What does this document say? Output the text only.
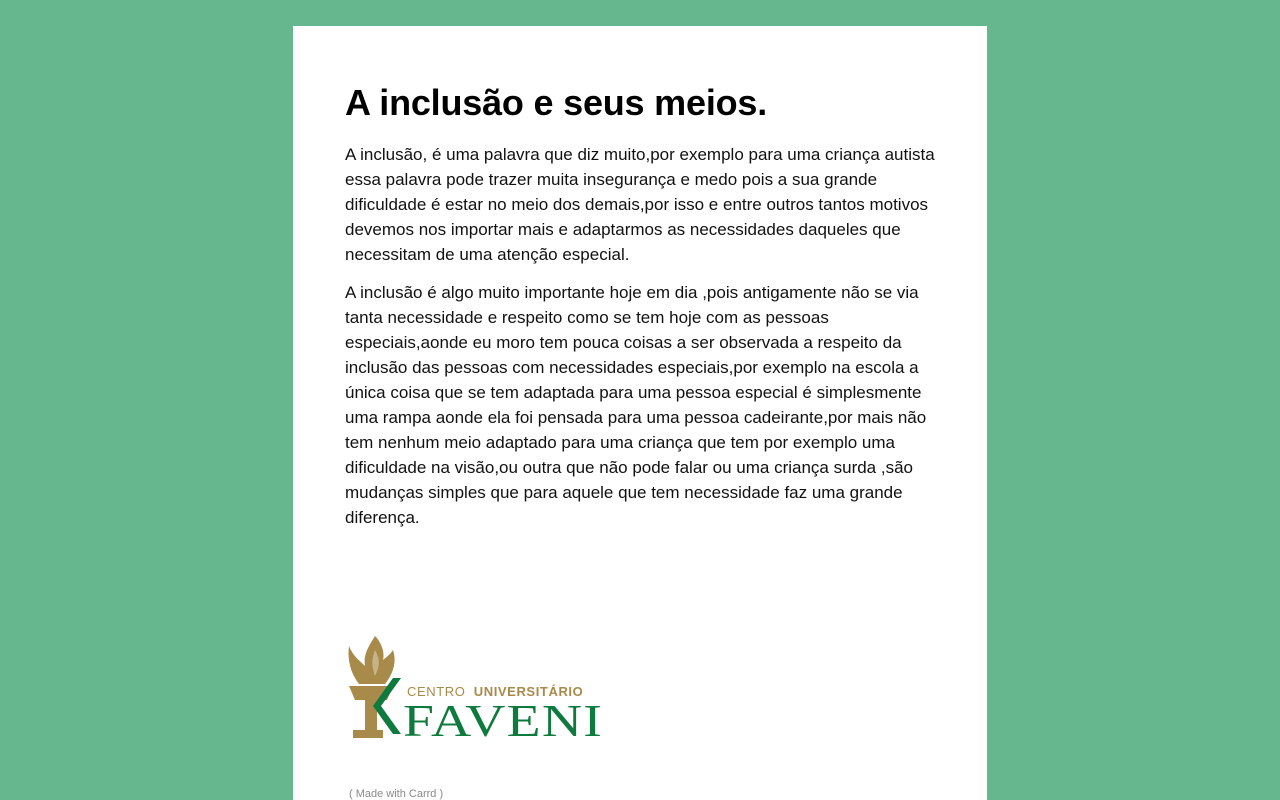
A inclusão e seus meios.

A inclusão, é uma palavra que diz muito,por exemplo para uma criança autista essa palavra pode trazer muita insegurança e medo pois a sua grande dificuldade é estar no meio dos demais,por isso e entre outros tantos motivos devemos nos importar mais e adaptarmos as necessidades daqueles que necessitam de uma atenção especial.

A inclusão é algo muito importante hoje em dia ,pois antigamente não se via tanta necessidade e respeito como se tem hoje com as pessoas especiais,aonde eu moro tem pouca coisas a ser observada a respeito da inclusão das pessoas com necessidades especiais,por exemplo na escola a única coisa que se tem adaptada para uma pessoa especial é simplesmente uma rampa aonde ela foi pensada para uma pessoa cadeirante,por mais não tem nenhum meio adaptado para uma criança que tem por exemplo uma dificuldade na visão,ou outra que não pode falar ou uma criança surda ,são mudanças simples que para aquele que tem necessidade faz uma grande diferença.

CENTRO UNIVERSITÁRIO
FAVENI
( Made with Carrd )
